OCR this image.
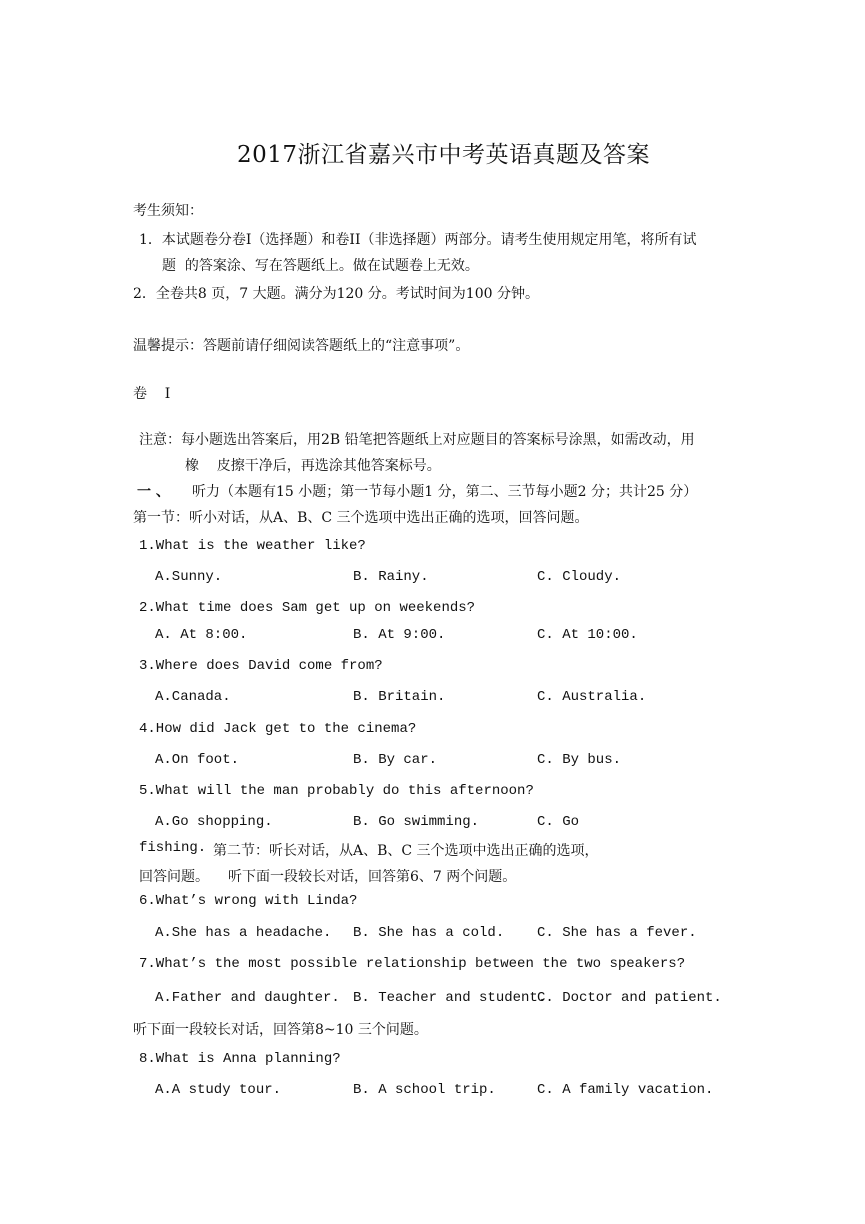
2017浙江省嘉兴市中考英语真题及答案
考生须知：
1．本试题卷分卷I（选择题）和卷II（非选择题）两部分。请考生使用规定用笔，将所有试
题  的答案涂、写在答题纸上。做在试题卷上无效。
2．全卷共8 页，7 大题。满分为120 分。考试时间为100 分钟。
温馨提示：答题前请仔细阅读答题纸上的“注意事项”。
卷    I
注意：每小题选出答案后，用2B 铅笔把答题纸上对应题目的答案标号涂黑，如需改动，用
橡    皮擦干净后，再选涂其他答案标号。
一 、 听力（本题有15 小题；第一节每小题1 分，第二、三节每小题2 分；共计25 分）
第一节：听小对话，从A、B、C 三个选项中选出正确的选项，回答问题。
1.What is the weather like?
A.Sunny.	B. Rainy.	C. Cloudy.
2.What time does Sam get up on weekends?
A. At 8:00.	B. At 9:00.	C. At 10:00.
3.Where does David come from?
A.Canada.	B. Britain.	C. Australia.
4.How did Jack get to the cinema?
A.On foot.	B. By car.	C. By bus.
5.What will the man probably do this afternoon?
A.Go shopping.	B. Go swimming.	C. Go
fishing. 第二节：听长对话，从A、B、C 三个选项中选出正确的选项，
回答问题。 听下面一段较长对话，回答第6、7 两个问题。
6.What’s wrong with Linda?
A.She has a headache. B. She has a cold. C. She has a fever.
7.What’s the most possible relationship between the two speakers?
A.Father and daughter. B. Teacher and student.
C. Doctor and patient.
听下面一段较长对话，回答第8~10 三个问题。
8.What is Anna planning?
A.A study tour.	B. A school trip.	C. A family vacation.
